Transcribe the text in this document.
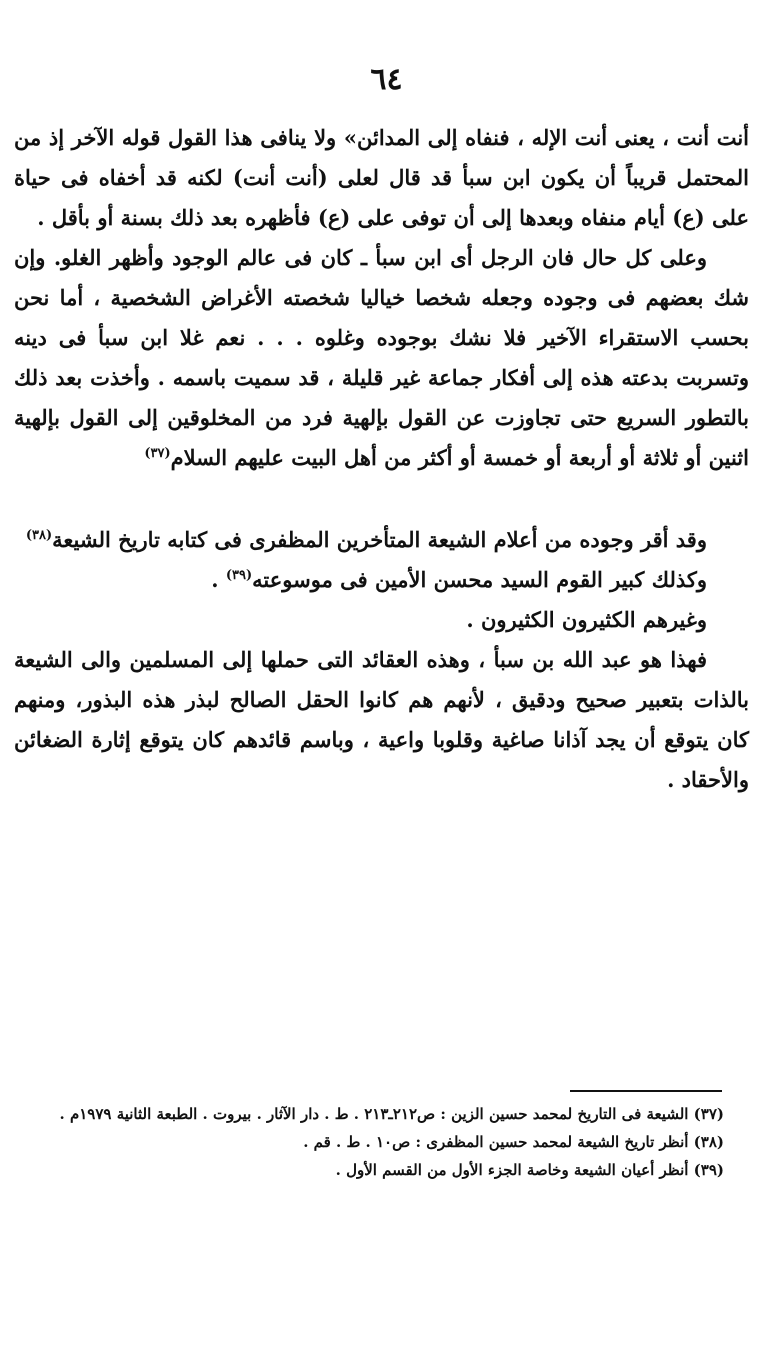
٦٤

أنت أنت ، يعنى أنت الإله ، فنفاه إلى المدائن» ولا ينافى هذا القول قوله الآخر إذ من المحتمل قريباً أن يكون ابن سبأ قد قال لعلى (أنت أنت) لكنه قد أخفاه فى حياة على (ع) أيام منفاه وبعدها إلى أن توفى على (ع) فأظهره بعد ذلك بسنة أو بأقل .

وعلى كل حال فان الرجل أى ابن سبأ ـ كان فى عالم الوجود وأظهر الغلو. وإن شك بعضهم فى وجوده وجعله شخصا خياليا شخصته الأغراض الشخصية ، أما نحن بحسب الاستقراء الآخير فلا نشك بوجوده وغلوه . . . نعم غلا ابن سبأ فى دينه وتسربت بدعته هذه إلى أفكار جماعة غير قليلة ، قد سميت باسمه . وأخذت بعد ذلك بالتطور السريع حتى تجاوزت عن القول بإلهية فرد من المخلوقين إلى القول بإلهية اثنين أو ثلاثة أو أربعة أو خمسة أو أكثر من أهل البيت عليهم السلام$^{(٣٧)}$

وقد أقر وجوده من أعلام الشيعة المتأخرين المظفرى فى كتابه تاريخ الشيعة$^{(٣٨)}$

وكذلك كبير القوم السيد محسن الأمين فى موسوعته$^{(٣٩)}$ .

وغيرهم الكثيرون الكثيرون .

فهذا هو عبد الله بن سبأ ، وهذه العقائد التى حملها إلى المسلمين والى الشيعة بالذات بتعبير صحيح ودقيق ، لأنهم هم كانوا الحقل الصالح لبذر هذه البذور، ومنهم كان يتوقع أن يجد آذانا صاغية وقلوبا واعية ، وباسم قائدهم كان يتوقع إثارة الضغائن والأحقاد .

(٣٧) الشيعة فى التاريخ لمحمد حسين الزين : ص٢١٢ـ٢١٣ . ط . دار الآثار . بيروت . الطبعة الثانية ١٩٧٩م .

(٣٨) أنظر تاريخ الشيعة لمحمد حسين المظفرى : ص١٠ . ط . قم .

(٣٩) أنظر أعيان الشيعة وخاصة الجزء الأول من القسم الأول .
